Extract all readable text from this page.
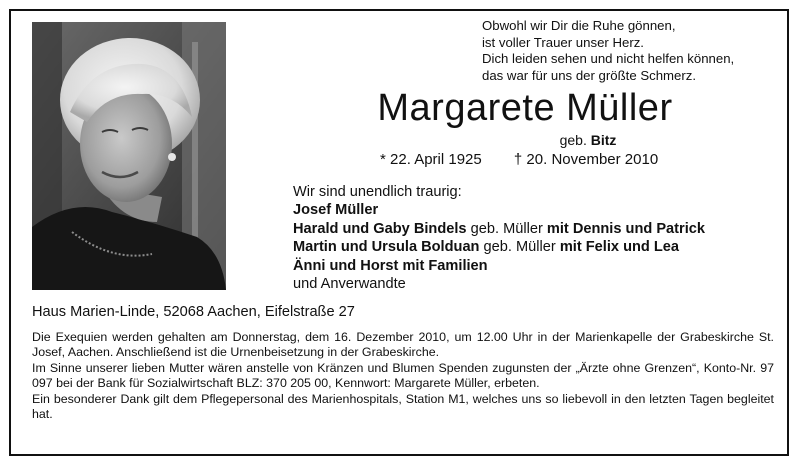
Obwohl wir Dir die Ruhe gönnen,
ist voller Trauer unser Herz.
Dich leiden sehen und nicht helfen können,
das war für uns der größte Schmerz.
Margarete Müller
geb. Bitz
* 22. April 1925 † 20. November 2010
Wir sind unendlich traurig:
Josef Müller
Harald und Gaby Bindels geb. Müller mit Dennis und Patrick
Martin und Ursula Bolduan geb. Müller mit Felix und Lea
Änni und Horst mit Familien
und Anverwandte
Haus Marien-Linde, 52068 Aachen, Eifelstraße 27

Die Exequien werden gehalten am Donnerstag, dem 16. Dezember 2010, um 12.00 Uhr in der Marienkapelle der Grabeskirche St. Josef, Aachen. Anschließend ist die Urnenbeisetzung in der Grabeskirche.

Im Sinne unserer lieben Mutter wären anstelle von Kränzen und Blumen Spenden zugunsten der „Ärzte ohne Grenzen“, Konto-Nr. 97 097 bei der Bank für Sozialwirtschaft BLZ: 370 205 00, Kennwort: Margarete Müller, erbeten.

Ein besonderer Dank gilt dem Pflegepersonal des Marienhospitals, Station M1, welches uns so liebevoll in den letzten Tagen begleitet hat.
